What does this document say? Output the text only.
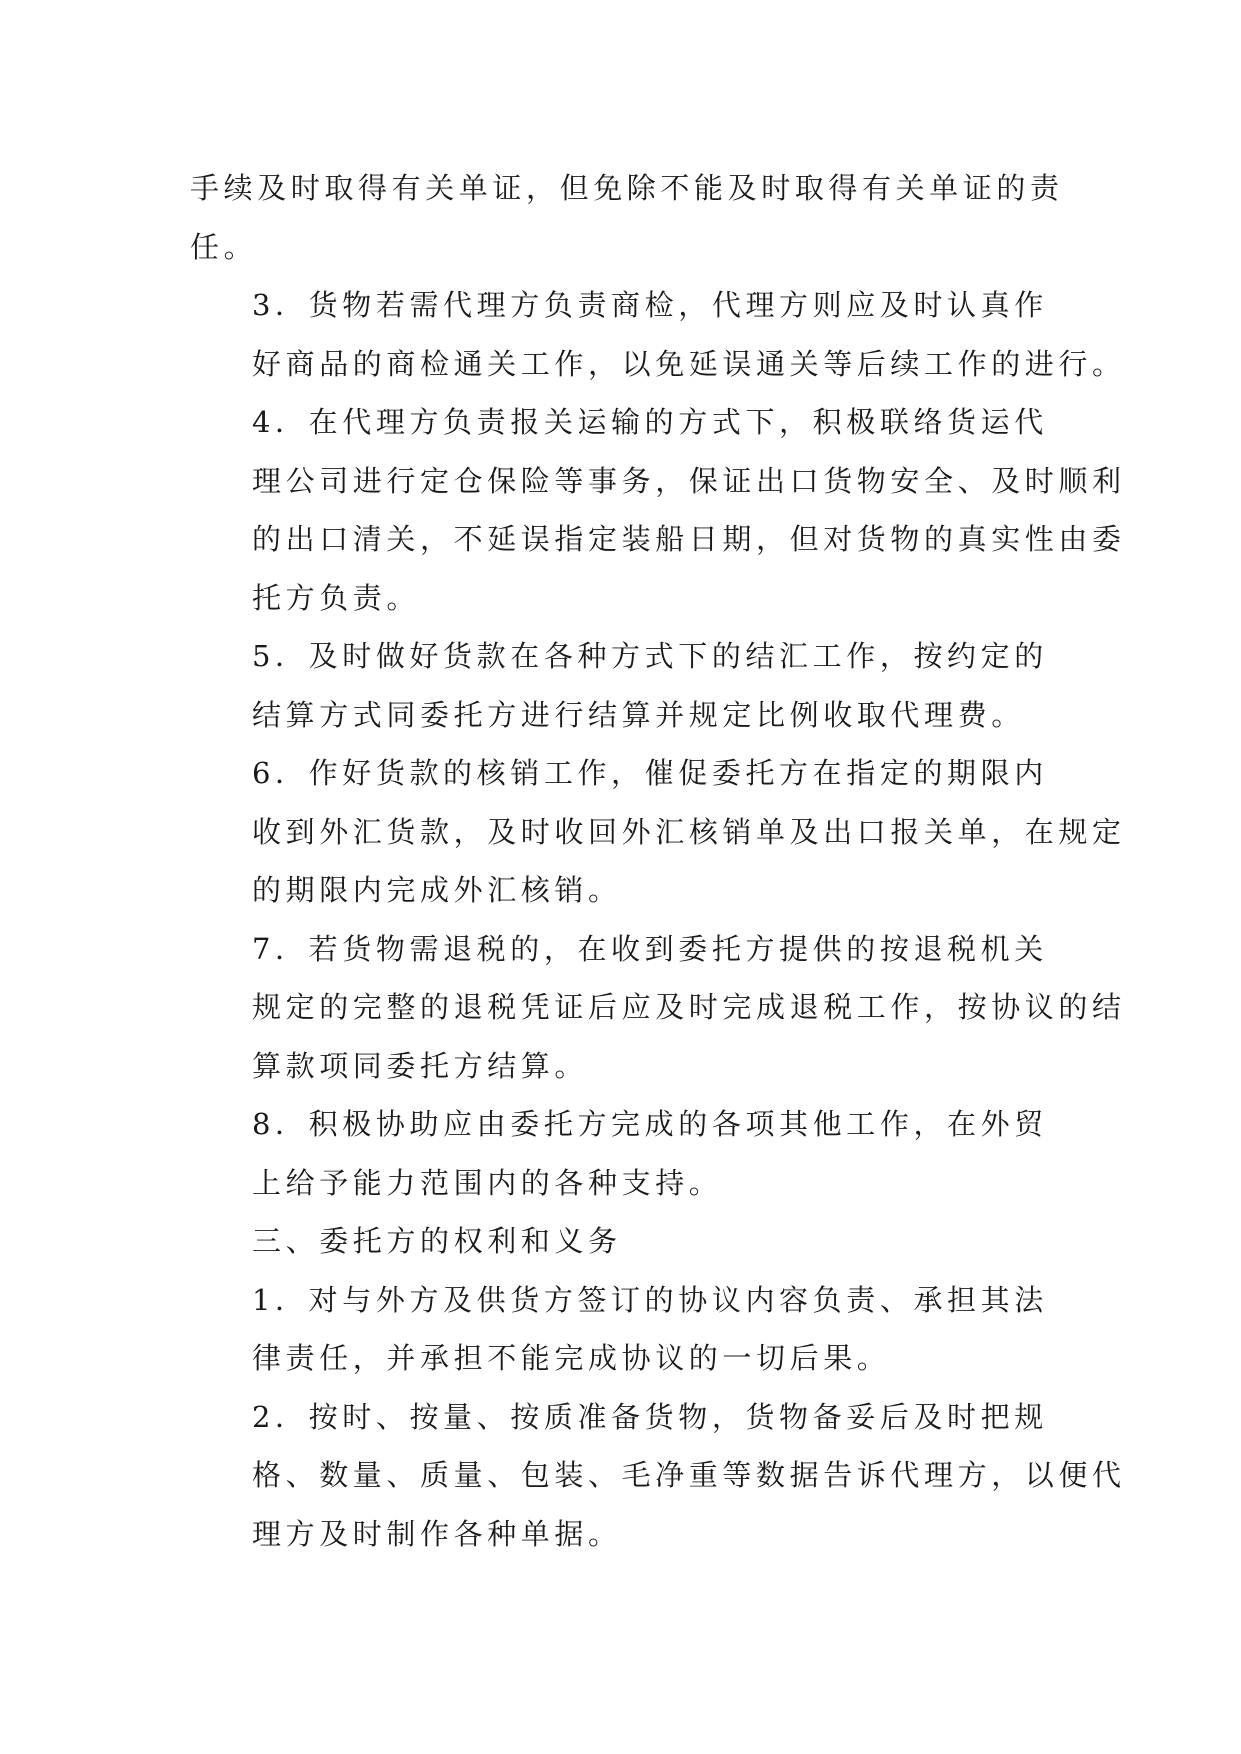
手续及时取得有关单证，但免除不能及时取得有关单证的责
任。

3．货物若需代理方负责商检，代理方则应及时认真作
好商品的商检通关工作，以免延误通关等后续工作的进行。

4．在代理方负责报关运输的方式下，积极联络货运代
理公司进行定仓保险等事务，保证出口货物安全、及时顺利
的出口清关，不延误指定装船日期，但对货物的真实性由委
托方负责。

5．及时做好货款在各种方式下的结汇工作，按约定的
结算方式同委托方进行结算并规定比例收取代理费。

6．作好货款的核销工作，催促委托方在指定的期限内
收到外汇货款，及时收回外汇核销单及出口报关单，在规定
的期限内完成外汇核销。

7．若货物需退税的，在收到委托方提供的按退税机关
规定的完整的退税凭证后应及时完成退税工作，按协议的结
算款项同委托方结算。

8．积极协助应由委托方完成的各项其他工作，在外贸
上给予能力范围内的各种支持。

三、委托方的权利和义务

1．对与外方及供货方签订的协议内容负责、承担其法
律责任，并承担不能完成协议的一切后果。

2．按时、按量、按质准备货物，货物备妥后及时把规
格、数量、质量、包装、毛净重等数据告诉代理方，以便代
理方及时制作各种单据。
